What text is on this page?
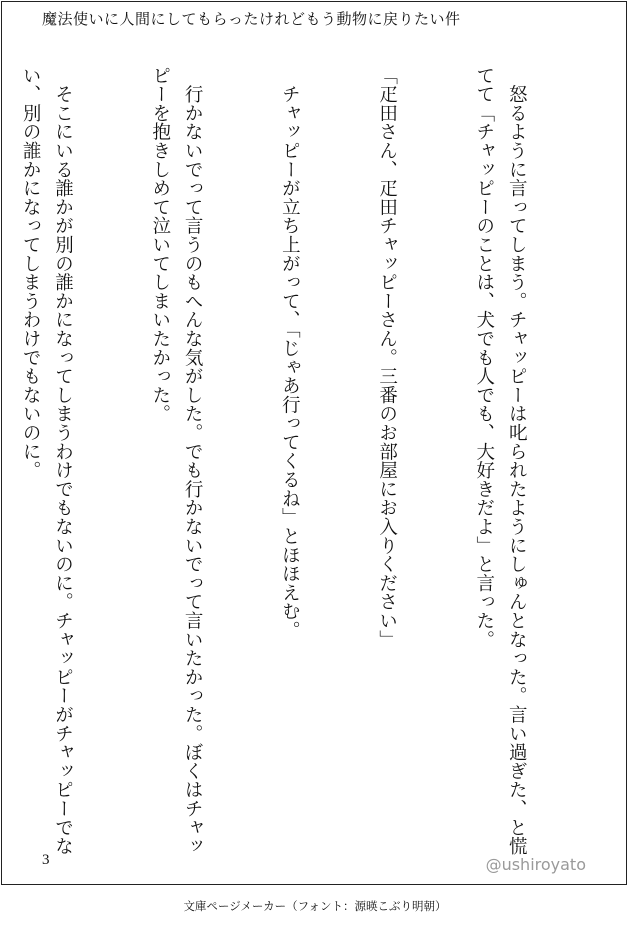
魔法使いに人間にしてもらったけれどもう動物に戻りたい件

　怒るように言ってしまう。チャッピーは叱られたようにしゅんとなった。言い過ぎた、と慌てて「チャッピーのことは、犬でも人でも、大好きだよ」と言った。

「疋田さん、疋田チャッピーさん。三番のお部屋にお入りください」

　チャッピーが立ち上がって、「じゃあ行ってくるね」とほほえむ。

　行かないでって言うのもへんな気がした。でも行かないでって言いたかった。ぼくはチャッピーを抱きしめて泣いてしまいたかった。

　そこにいる誰かが別の誰かになってしまうわけでもないのに。チャッピーがチャッピーでない、別の誰かになってしまうわけでもないのに。

3	@ushiroyato
文庫ページメーカー（フォント：源暎こぶり明朝）
